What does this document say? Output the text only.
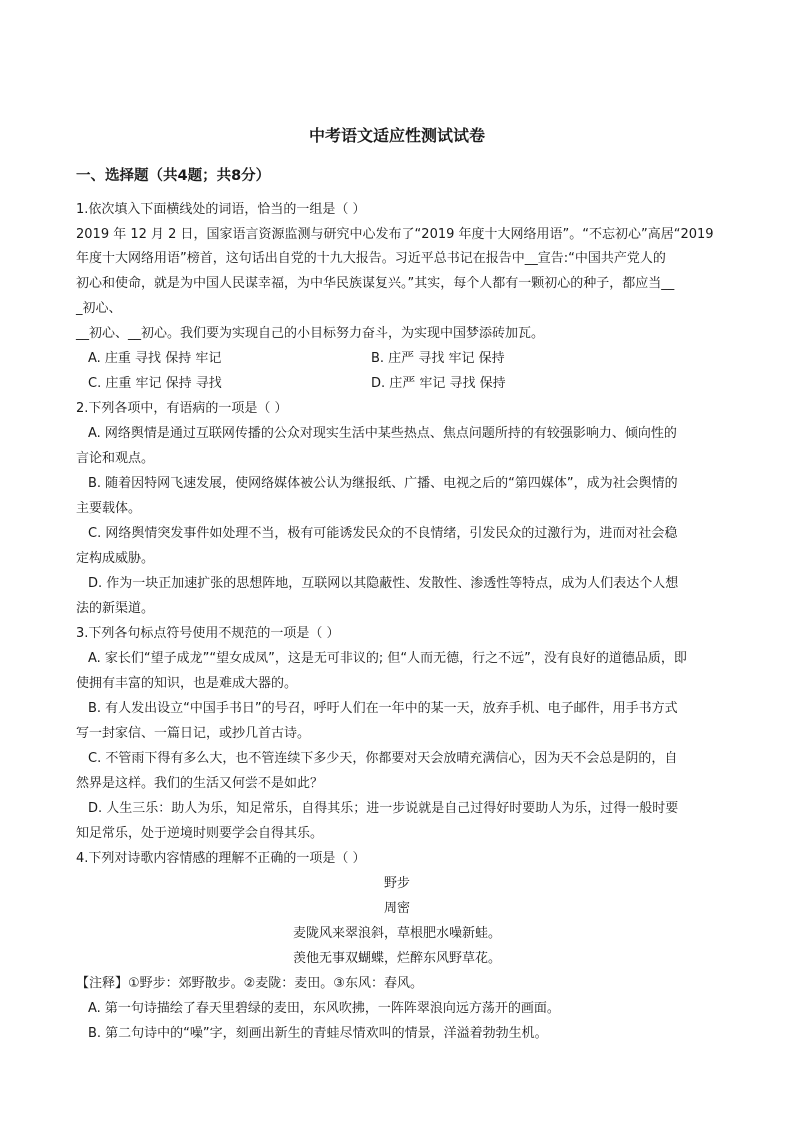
中考语文适应性测试试卷
一、选择题（共4题；共8分）
1.依次填入下面横线处的词语，恰当的一组是（ ）
2019 年 12 月 2 日，国家语言资源监测与研究中心发布了“2019 年度十大网络用语”。“不忘初心”高居“2019
年度十大网络用语”榜首，这句话出自党的十九大报告。习近平总书记在报告中__宣告:“中国共产党人的
初心和使命，就是为中国人民谋幸福，为中华民族谋复兴。”其实，每个人都有一颗初心的种子，都应当__
_初心、
__初心、__初心。我们要为实现自己的小目标努力奋斗，为实现中国梦添砖加瓦。
A. 庄重 寻找 保持 牢记	B. 庄严 寻找 牢记 保持
C. 庄重 牢记 保持 寻找	D. 庄严 牢记 寻找 保持
2.下列各项中，有语病的一项是（ ）
A. 网络舆情是通过互联网传播的公众对现实生活中某些热点、焦点问题所持的有较强影响力、倾向性的
言论和观点。
B. 随着因特网飞速发展，使网络媒体被公认为继报纸、广播、电视之后的“第四媒体”，成为社会舆情的
主要载体。
C. 网络舆情突发事件如处理不当，极有可能诱发民众的不良情绪，引发民众的过激行为，进而对社会稳
定构成威胁。
D. 作为一块正加速扩张的思想阵地，互联网以其隐蔽性、发散性、渗透性等特点，成为人们表达个人想
法的新渠道。
3.下列各句标点符号使用不规范的一项是（ ）
A. 家长们“望子成龙”“望女成凤”，这是无可非议的; 但“人而无德，行之不远”，没有良好的道德品质，即
使拥有丰富的知识，也是难成大器的。
B. 有人发出设立“中国手书日”的号召，呼吁人们在一年中的某一天，放弃手机、电子邮件，用手书方式
写一封家信、一篇日记，或抄几首古诗。
C. 不管雨下得有多么大，也不管连续下多少天，你都要对天会放晴充满信心，因为天不会总是阴的，自
然界是这样。我们的生活又何尝不是如此？
D. 人生三乐：助人为乐，知足常乐，自得其乐；进一步说就是自己过得好时要助人为乐，过得一般时要
知足常乐，处于逆境时则要学会自得其乐。
4.下列对诗歌内容情感的理解不正确的一项是（ ）
野步
周密
麦陇风来翠浪斜，草根肥水噪新蛙。
羡他无事双蝴蝶，烂醉东风野草花。
【注释】①野步：郊野散步。②麦陇：麦田。③东风：春风。
A. 第一句诗描绘了春天里碧绿的麦田，东风吹拂，一阵阵翠浪向远方荡开的画面。
B. 第二句诗中的“噪”字，刻画出新生的青蛙尽情欢叫的情景，洋溢着勃勃生机。
